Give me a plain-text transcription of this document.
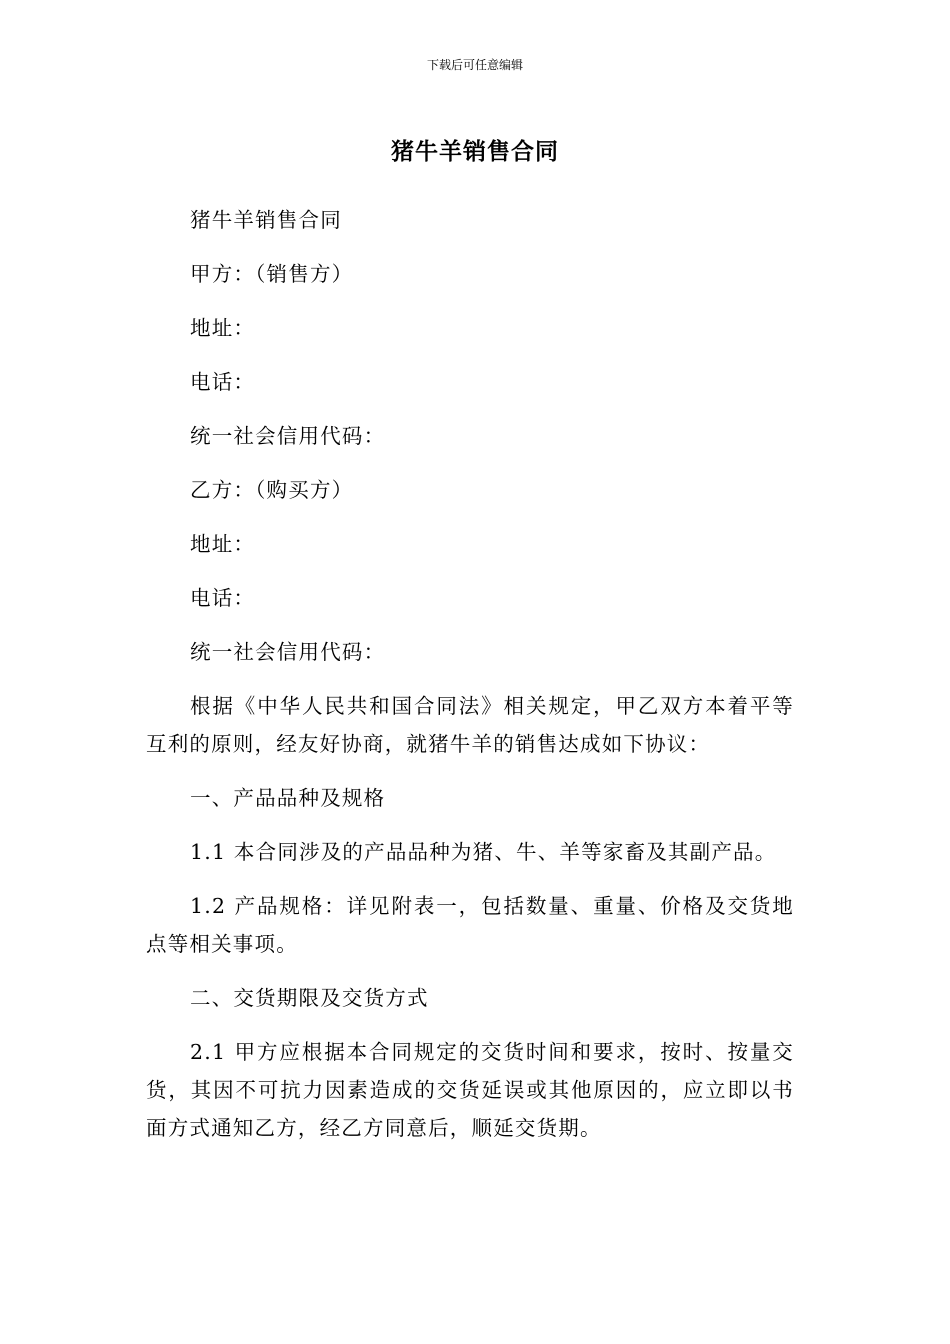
下载后可任意编辑
猪牛羊销售合同

猪牛羊销售合同

甲方：（销售方）

地址：

电话：

统一社会信用代码：

乙方：（购买方）

地址：

电话：

统一社会信用代码：

根据《中华人民共和国合同法》相关规定，甲乙双方本着平等互利的原则，经友好协商，就猪牛羊的销售达成如下协议：

一、产品品种及规格

1.1 本合同涉及的产品品种为猪、牛、羊等家畜及其副产品。

1.2 产品规格：详见附表一，包括数量、重量、价格及交货地点等相关事项。

二、交货期限及交货方式

2.1 甲方应根据本合同规定的交货时间和要求，按时、按量交货，其因不可抗力因素造成的交货延误或其他原因的，应立即以书面方式通知乙方，经乙方同意后，顺延交货期。
